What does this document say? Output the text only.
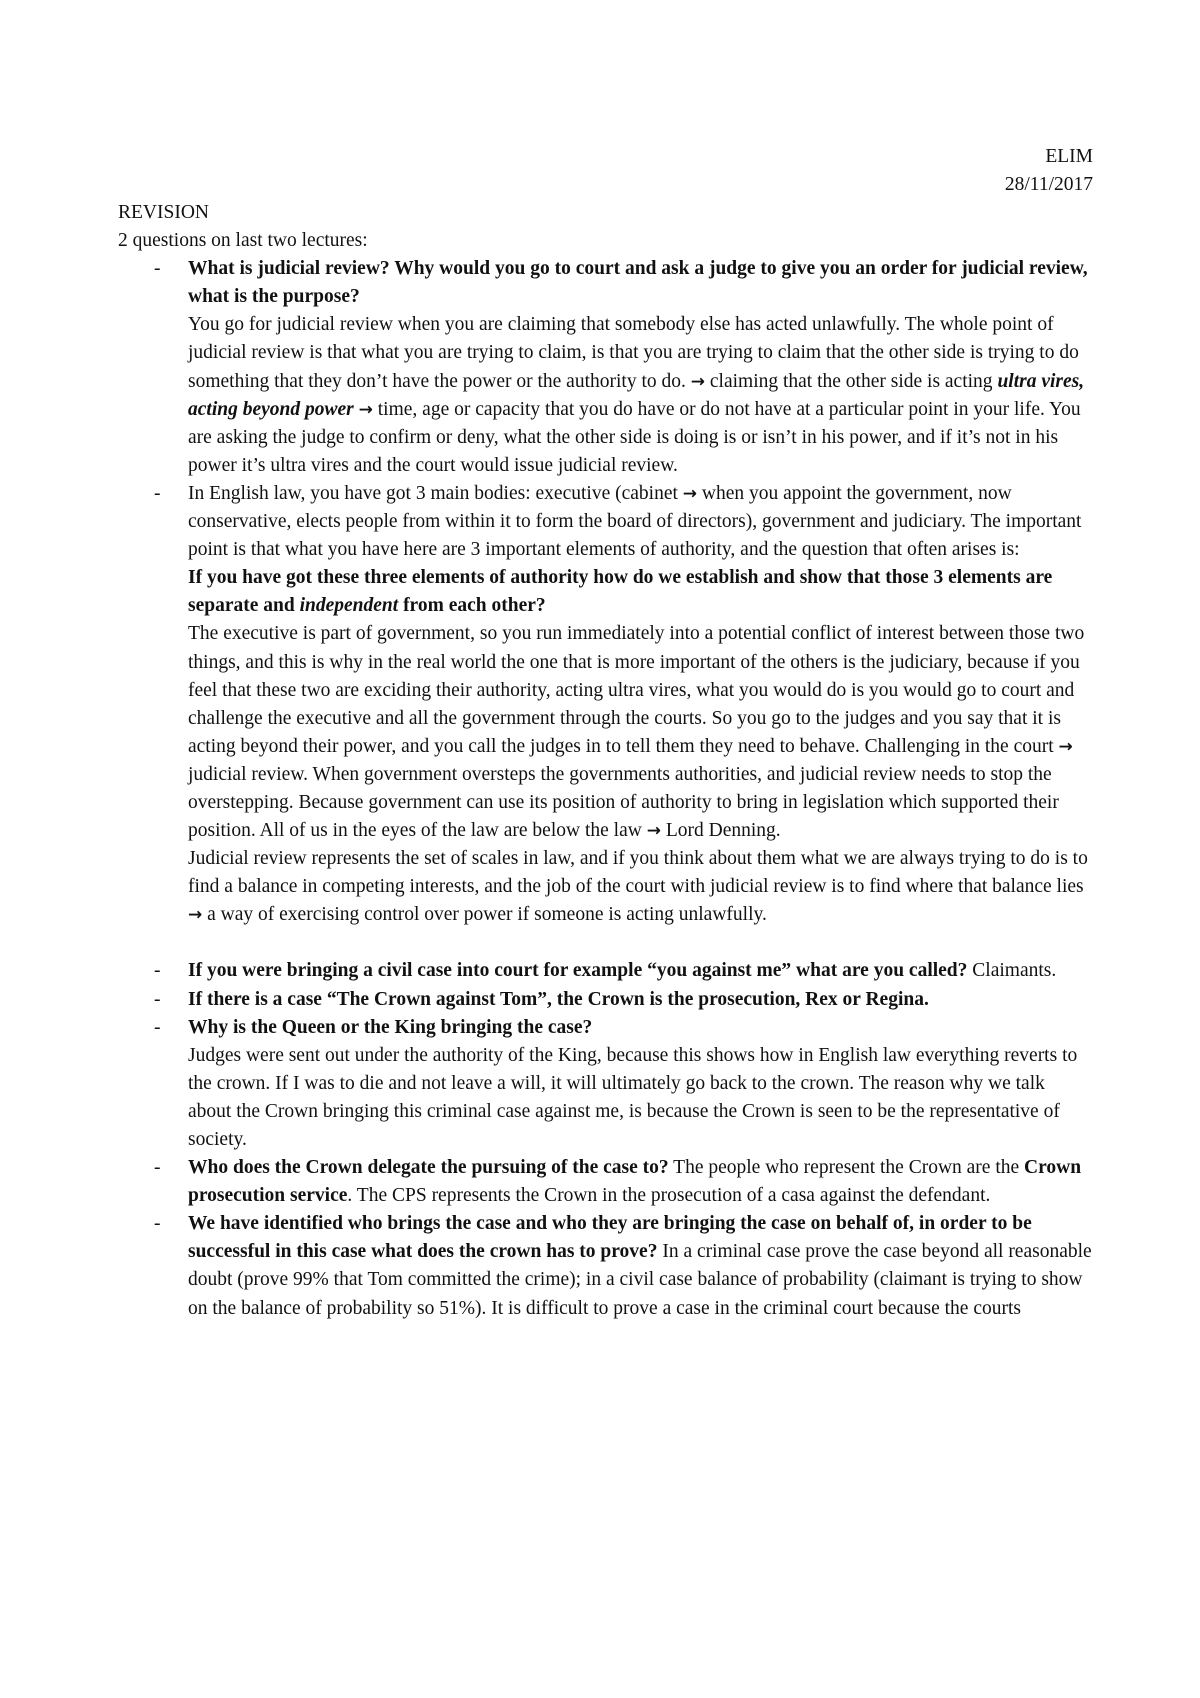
ELIM
28/11/2017
REVISION
2 questions on last two lectures:
- What is judicial review? Why would you go to court and ask a judge to give you an order for judicial review, what is the purpose?
You go for judicial review when you are claiming that somebody else has acted unlawfully. The whole point of judicial review is that what you are trying to claim, is that you are trying to claim that the other side is trying to do something that they don’t have the power or the authority to do. → claiming that the other side is acting ultra vires, acting beyond power → time, age or capacity that you do have or do not have at a particular point in your life. You are asking the judge to confirm or deny, what the other side is doing is or isn’t in his power, and if it’s not in his power it’s ultra vires and the court would issue judicial review.
- In English law, you have got 3 main bodies: executive (cabinet → when you appoint the government, now conservative, elects people from within it to form the board of directors), government and judiciary. The important point is that what you have here are 3 important elements of authority, and the question that often arises is:
If you have got these three elements of authority how do we establish and show that those 3 elements are separate and independent from each other?
The executive is part of government, so you run immediately into a potential conflict of interest between those two things, and this is why in the real world the one that is more important of the others is the judiciary, because if you feel that these two are exciding their authority, acting ultra vires, what you would do is you would go to court and challenge the executive and all the government through the courts. So you go to the judges and you say that it is acting beyond their power, and you call the judges in to tell them they need to behave. Challenging in the court → judicial review. When government oversteps the governments authorities, and judicial review needs to stop the overstepping. Because government can use its position of authority to bring in legislation which supported their position. All of us in the eyes of the law are below the law → Lord Denning.
Judicial review represents the set of scales in law, and if you think about them what we are always trying to do is to find a balance in competing interests, and the job of the court with judicial review is to find where that balance lies → a way of exercising control over power if someone is acting unlawfully.
- If you were bringing a civil case into court for example “you against me” what are you called? Claimants.
- If there is a case “The Crown against Tom”, the Crown is the prosecution, Rex or Regina.
- Why is the Queen or the King bringing the case?
Judges were sent out under the authority of the King, because this shows how in English law everything reverts to the crown. If I was to die and not leave a will, it will ultimately go back to the crown. The reason why we talk about the Crown bringing this criminal case against me, is because the Crown is seen to be the representative of society.
- Who does the Crown delegate the pursuing of the case to? The people who represent the Crown are the Crown prosecution service. The CPS represents the Crown in the prosecution of a casa against the defendant.
- We have identified who brings the case and who they are bringing the case on behalf of, in order to be successful in this case what does the crown has to prove? In a criminal case prove the case beyond all reasonable doubt (prove 99% that Tom committed the crime); in a civil case balance of probability (claimant is trying to show on the balance of probability so 51%). It is difficult to prove a case in the criminal court because the courts
